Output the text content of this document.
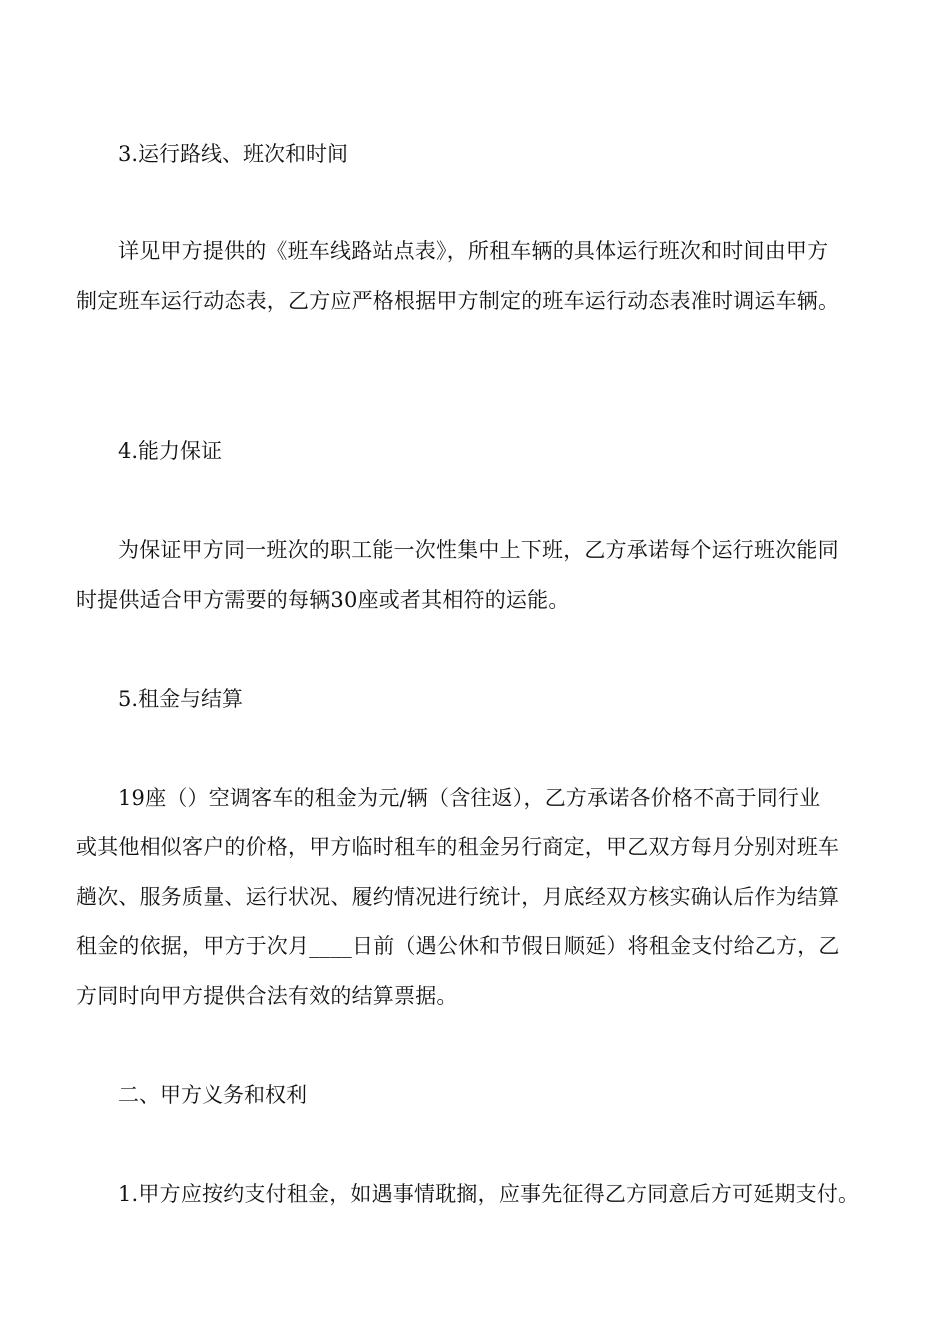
3.运行路线、班次和时间
详见甲方提供的《班车线路站点表》，所租车辆的具体运行班次和时间由甲方
制定班车运行动态表，乙方应严格根据甲方制定的班车运行动态表准时调运车辆。
4.能力保证
为保证甲方同一班次的职工能一次性集中上下班，乙方承诺每个运行班次能同
时提供适合甲方需要的每辆30座或者其相符的运能。
5.租金与结算
19座（）空调客车的租金为元/辆（含往返），乙方承诺各价格不高于同行业
或其他相似客户的价格，甲方临时租车的租金另行商定，甲乙双方每月分别对班车
趟次、服务质量、运行状况、履约情况进行统计，月底经双方核实确认后作为结算
租金的依据，甲方于次月____日前（遇公休和节假日顺延）将租金支付给乙方，乙
方同时向甲方提供合法有效的结算票据。
二、甲方义务和权利
1.甲方应按约支付租金，如遇事情耽搁，应事先征得乙方同意后方可延期支付。
